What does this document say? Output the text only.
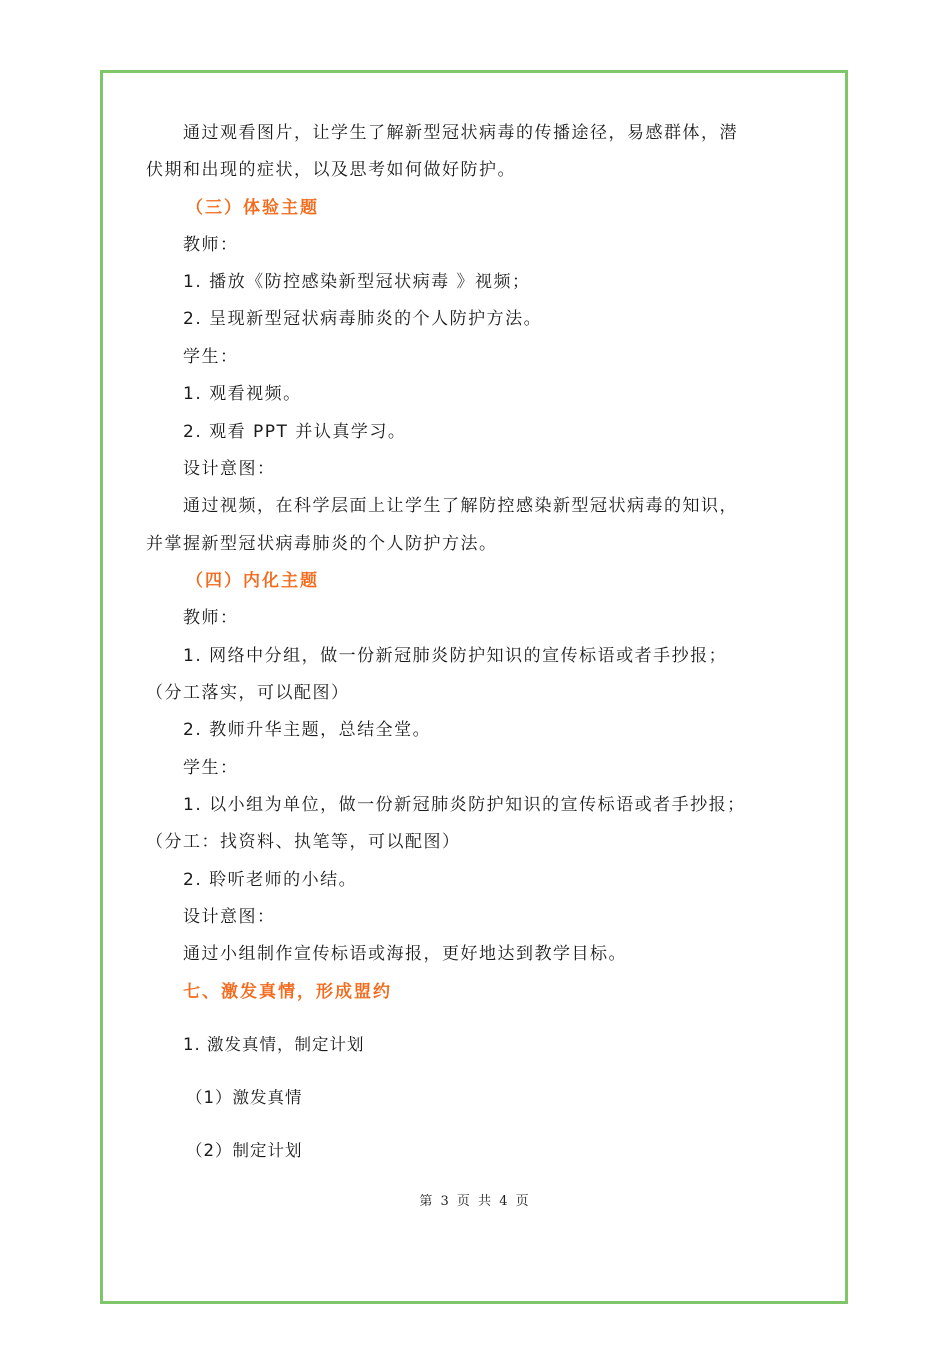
通过观看图片，让学生了解新型冠状病毒的传播途径，易感群体，潜
伏期和出现的症状，以及思考如何做好防护。
（三）体验主题
教师：
1. 播放《防控感染新型冠状病毒 》视频；
2. 呈现新型冠状病毒肺炎的个人防护方法。
学生：
1. 观看视频。
2. 观看 PPT 并认真学习。
设计意图：
通过视频，在科学层面上让学生了解防控感染新型冠状病毒的知识，
并掌握新型冠状病毒肺炎的个人防护方法。
（四）内化主题
教师：
1. 网络中分组，做一份新冠肺炎防护知识的宣传标语或者手抄报；
（分工落实，可以配图）
2. 教师升华主题，总结全堂。
学生：
1. 以小组为单位，做一份新冠肺炎防护知识的宣传标语或者手抄报；
（分工：找资料、执笔等，可以配图）
2. 聆听老师的小结。
设计意图：
通过小组制作宣传标语或海报，更好地达到教学目标。
七、激发真情，形成盟约
1. 激发真情，制定计划
（1）激发真情
（2）制定计划
第 3 页 共 4 页
